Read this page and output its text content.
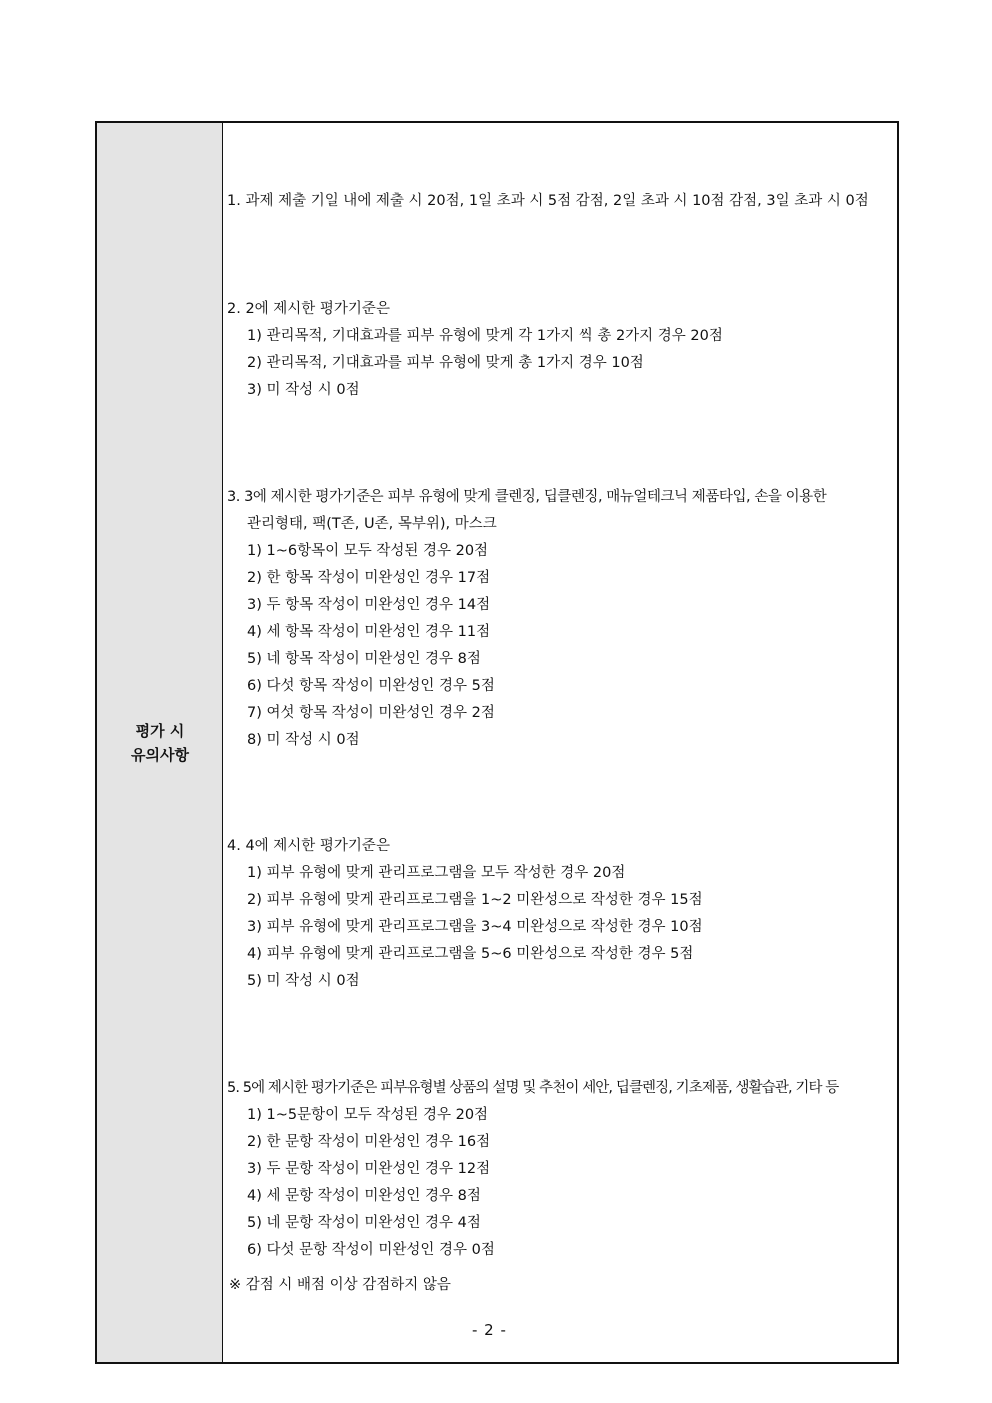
평가 시
유의사항
1. 과제 제출 기일 내에 제출 시 20점, 1일 초과 시 5점 감점, 2일 초과 시 10점 감점, 3일 초과 시 0점
2. 2에 제시한 평가기준은
1) 관리목적, 기대효과를 피부 유형에 맞게 각 1가지 씩 총 2가지 경우 20점
2) 관리목적, 기대효과를 피부 유형에 맞게 총 1가지 경우 10점
3) 미 작성 시 0점
3. 3에 제시한 평가기준은 피부 유형에 맞게 클렌징, 딥클렌징, 매뉴얼테크닉 제품타입, 손을 이용한
관리형태, 팩(T존, U존, 목부위), 마스크
1) 1~6항목이 모두 작성된 경우 20점
2) 한 항목 작성이 미완성인 경우 17점
3) 두 항목 작성이 미완성인 경우 14점
4) 세 항목 작성이 미완성인 경우 11점
5) 네 항목 작성이 미완성인 경우 8점
6) 다섯 항목 작성이 미완성인 경우 5점
7) 여섯 항목 작성이 미완성인 경우 2점
8) 미 작성 시 0점
4. 4에 제시한 평가기준은
1) 피부 유형에 맞게 관리프로그램을 모두 작성한 경우 20점
2) 피부 유형에 맞게 관리프로그램을 1~2 미완성으로 작성한 경우 15점
3) 피부 유형에 맞게 관리프로그램을 3~4 미완성으로 작성한 경우 10점
4) 피부 유형에 맞게 관리프로그램을 5~6 미완성으로 작성한 경우 5점
5) 미 작성 시 0점
5. 5에 제시한 평가기준은 피부유형별 상품의 설명 및 추천이 세안, 딥클렌징, 기초제품, 생활습관, 기타 등
1) 1~5문항이 모두 작성된 경우 20점
2) 한 문항 작성이 미완성인 경우 16점
3) 두 문항 작성이 미완성인 경우 12점
4) 세 문항 작성이 미완성인 경우 8점
5) 네 문항 작성이 미완성인 경우 4점
6) 다섯 문항 작성이 미완성인 경우 0점
※ 감점 시 배점 이상 감점하지 않음
- 2 -
